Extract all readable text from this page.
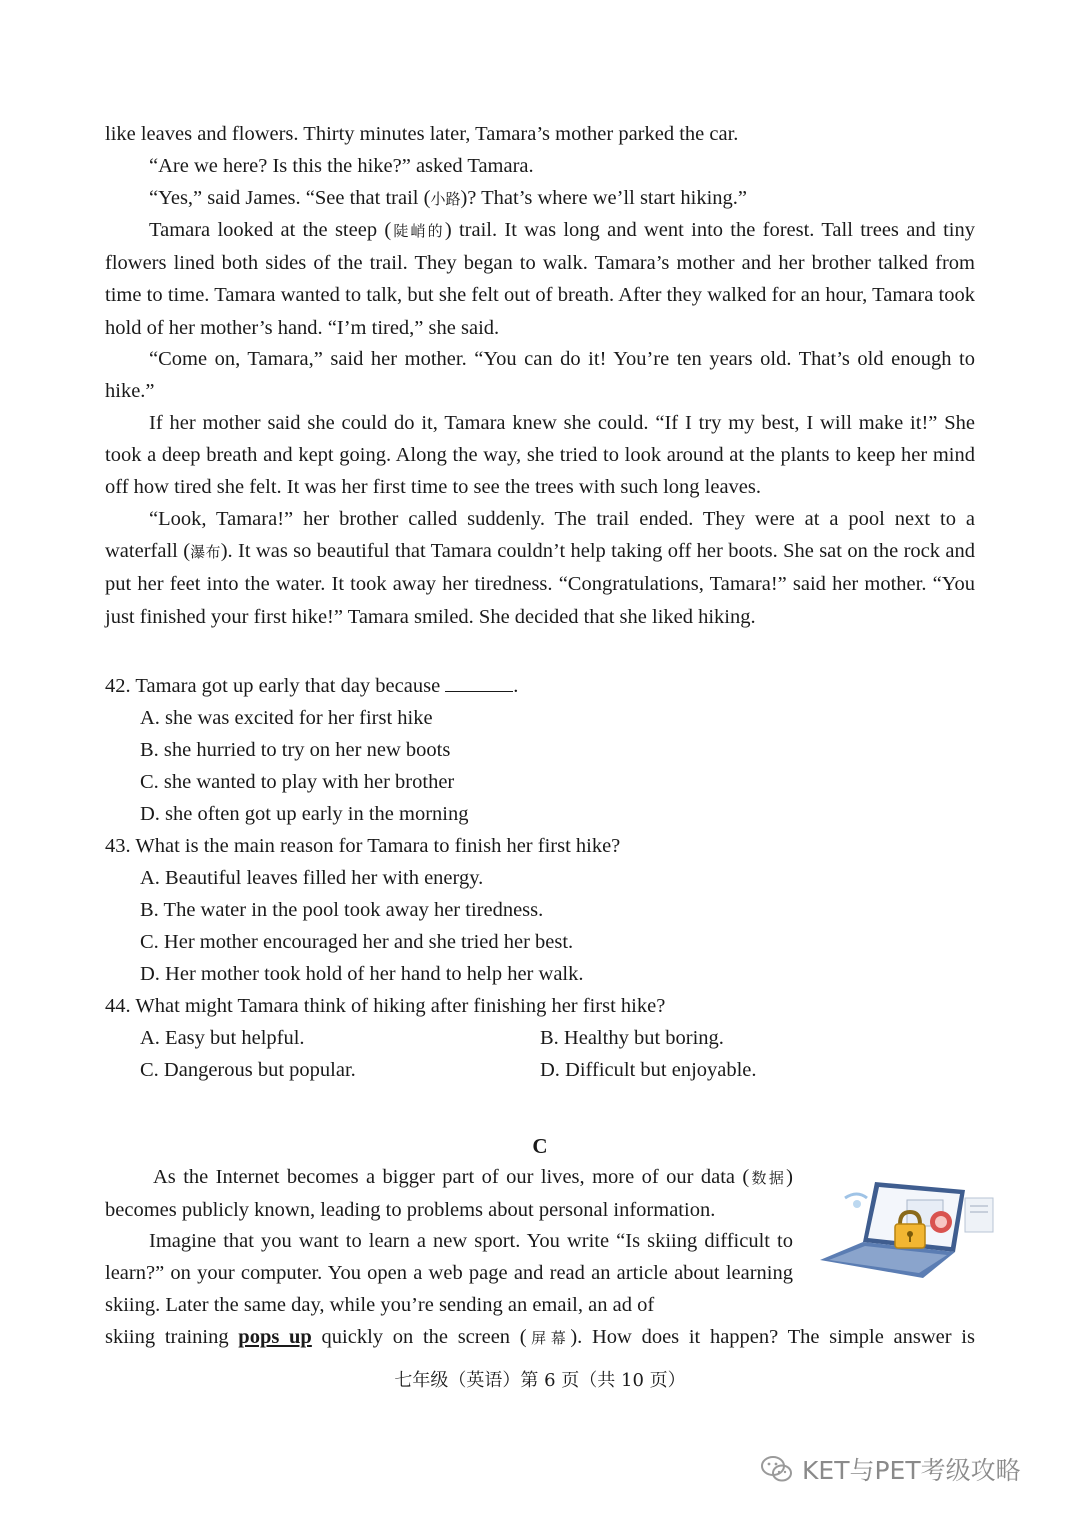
like leaves and flowers. Thirty minutes later, Tamara’s mother parked the car.

“Are we here? Is this the hike?” asked Tamara.

“Yes,” said James. “See that trail (小路)? That’s where we’ll start hiking.”

Tamara looked at the steep (陡峭的) trail. It was long and went into the forest. Tall trees and tiny flowers lined both sides of the trail. They began to walk. Tamara’s mother and her brother talked from time to time. Tamara wanted to talk, but she felt out of breath. After they walked for an hour, Tamara took hold of her mother’s hand. “I’m tired,” she said.

“Come on, Tamara,” said her mother. “You can do it! You’re ten years old. That’s old enough to hike.”

If her mother said she could do it, Tamara knew she could. “If I try my best, I will make it!” She took a deep breath and kept going. Along the way, she tried to look around at the plants to keep her mind off how tired she felt. It was her first time to see the trees with such long leaves.

“Look, Tamara!” her brother called suddenly. The trail ended. They were at a pool next to a waterfall (瀑布). It was so beautiful that Tamara couldn’t help taking off her boots. She sat on the rock and put her feet into the water. It took away her tiredness. “Congratulations, Tamara!” said her mother. “You just finished your first hike!” Tamara smiled. She decided that she liked hiking.

42. Tamara got up early that day because	.

A. she was excited for her first hike
B. she hurried to try on her new boots
C. she wanted to play with her brother
D. she often got up early in the morning

43. What is the main reason for Tamara to finish her first hike?

A. Beautiful leaves filled her with energy.
B. The water in the pool took away her tiredness.
C. Her mother encouraged her and she tried her best.
D. Her mother took hold of her hand to help her walk.

44. What might Tamara think of hiking after finishing her first hike?

A. Easy but helpful.	B. Healthy but boring.
C. Dangerous but popular.	D. Difficult but enjoyable.
C

As the Internet becomes a bigger part of our lives, more of our data (数据) becomes publicly known, leading to problems about personal information.

Imagine that you want to learn a new sport. You write “Is skiing difficult to learn?” on your computer. You open a web page and read an article about learning skiing. Later the same day, while you’re sending an email, an ad of

skiing training pops up quickly on the screen (屏幕). How does it happen? The simple answer is

七年级（英语）第 6 页（共 10 页）
KET与PET考级攻略
